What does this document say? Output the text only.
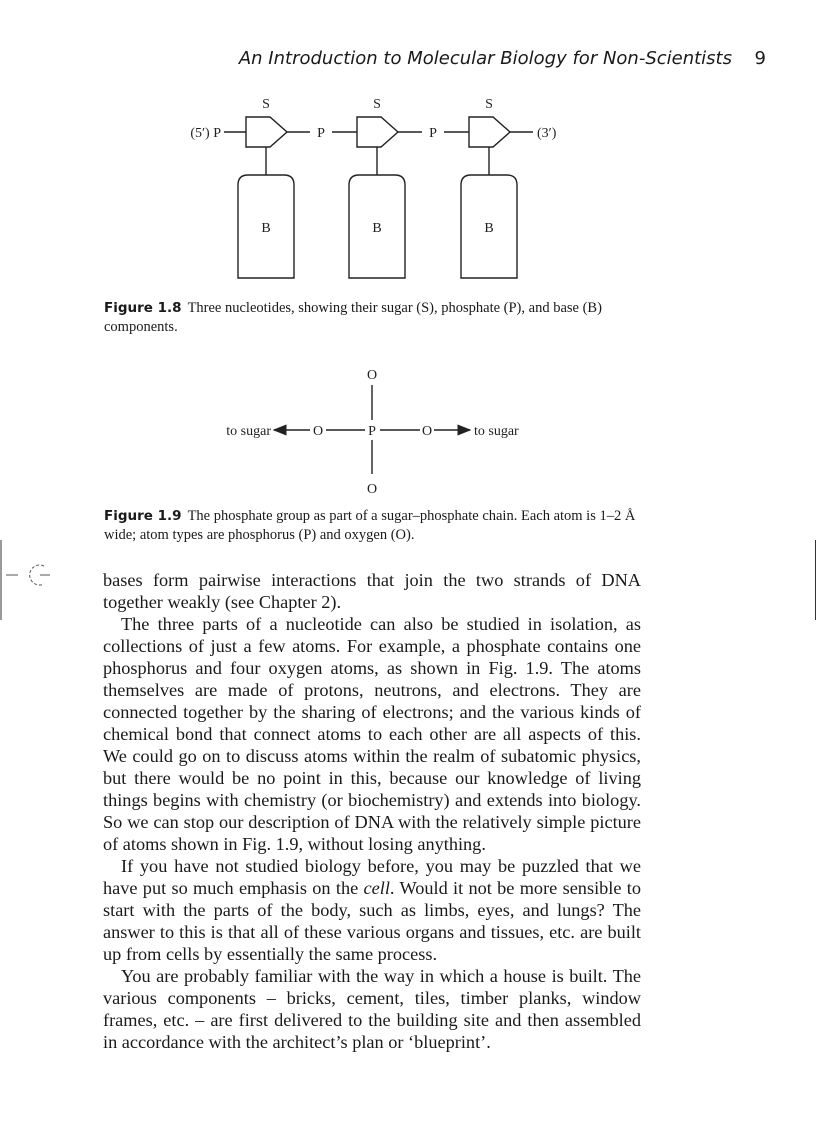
An Introduction to Molecular Biology for Non-Scientists 9
S	S	S
P	P
B	B	B
(5′) P	(3′)
Figure 1.8 Three nucleotides, showing their sugar (S), phosphate (P), and base (B) components.
O
O
O	O
P
to sugar	to sugar
Figure 1.9 The phosphate group as part of a sugar–phosphate chain. Each atom is 1–2 Å wide; atom types are phosphorus (P) and oxygen (O).

bases form pairwise interactions that join the two strands of DNA together weakly (see Chapter 2).

The three parts of a nucleotide can also be studied in isolation, as collections of just a few atoms. For example, a phosphate contains one phosphorus and four oxygen atoms, as shown in Fig. 1.9. The atoms themselves are made of protons, neutrons, and electrons. They are connected together by the sharing of electrons; and the various kinds of chemical bond that connect atoms to each other are all aspects of this. We could go on to discuss atoms within the realm of subatomic physics, but there would be no point in this, because our knowledge of living things begins with chemistry (or biochemistry) and extends into biology. So we can stop our description of DNA with the relatively simple picture of atoms shown in Fig. 1.9, without losing anything.

If you have not studied biology before, you may be puzzled that we have put so much emphasis on the cell. Would it not be more sensible to start with the parts of the body, such as limbs, eyes, and lungs? The answer to this is that all of these various organs and tissues, etc. are built up from cells by essentially the same process.

You are probably familiar with the way in which a house is built. The various components – bricks, cement, tiles, timber planks, window frames, etc. – are first delivered to the building site and then assembled in accordance with the architect’s plan or ‘blueprint’.
